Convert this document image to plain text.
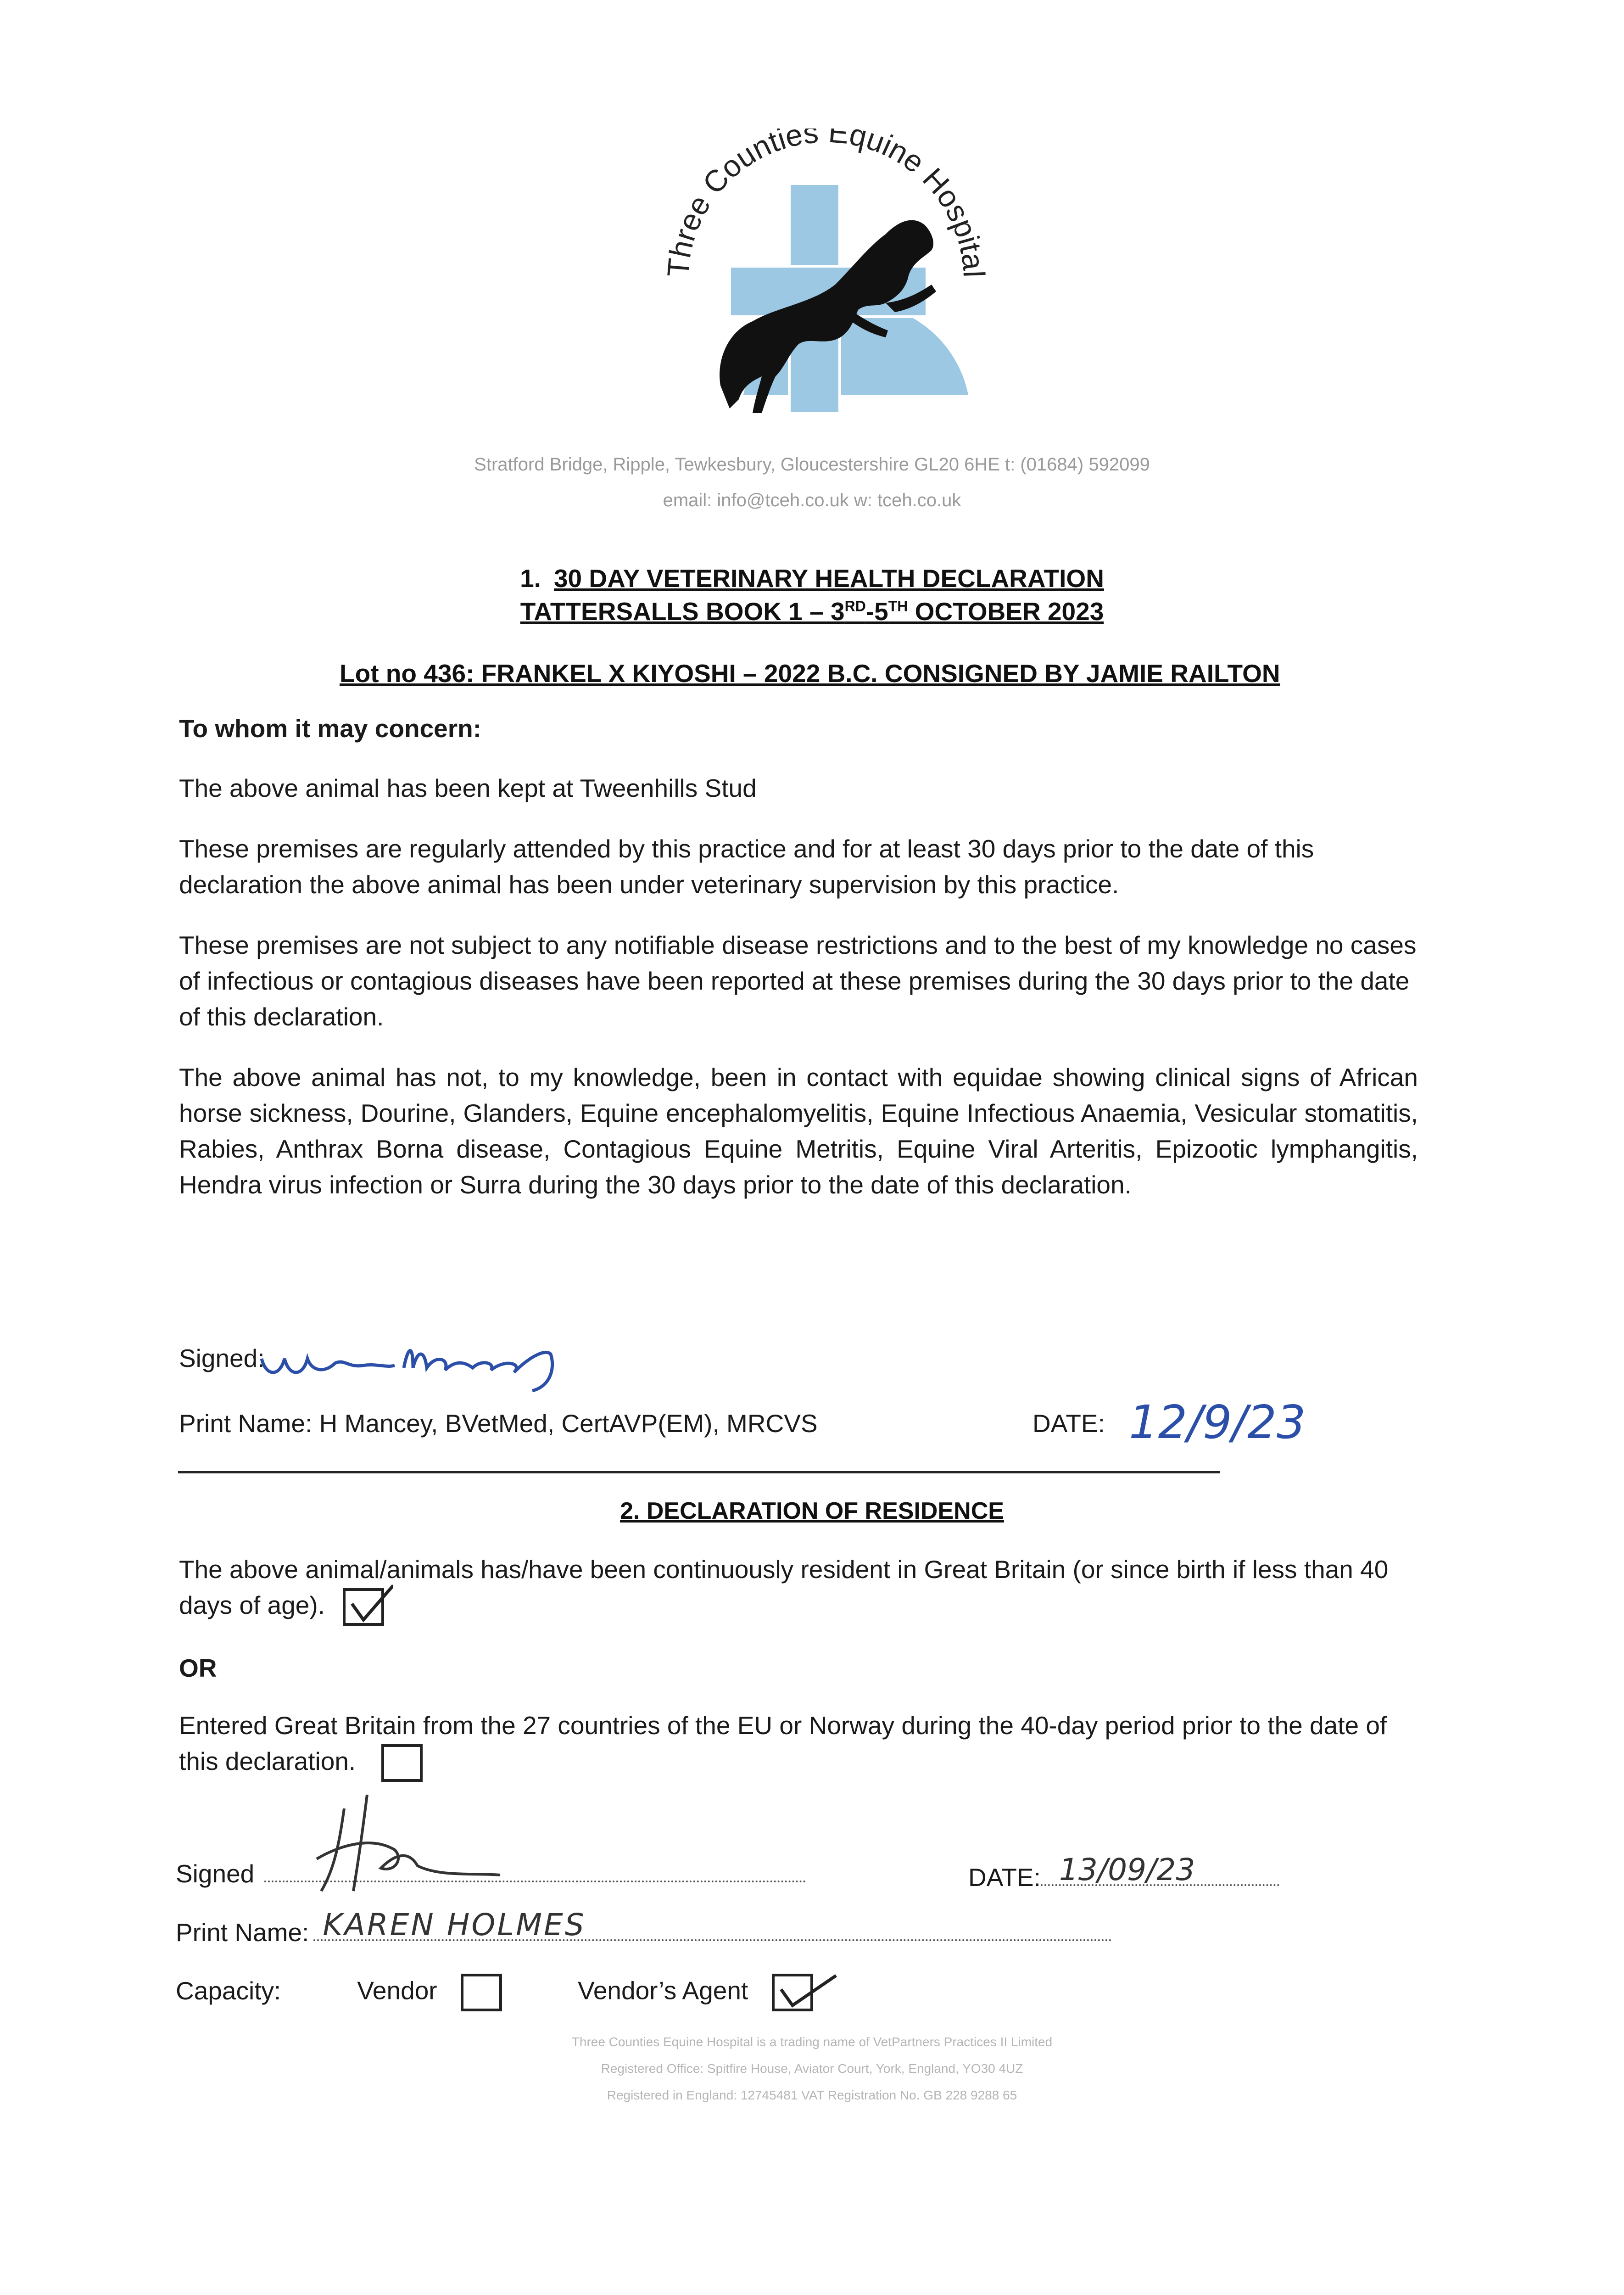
Three Counties Equine Hospital
Stratford Bridge, Ripple, Tewkesbury, Gloucestershire GL20 6HE t: (01684) 592099
email: info@tceh.co.uk w: tceh.co.uk
1. 30 DAY VETERINARY HEALTH DECLARATION
TATTERSALLS BOOK 1 – 3RD-5TH OCTOBER 2023
Lot no 436: FRANKEL X KIYOSHI – 2022 B.C. CONSIGNED BY JAMIE RAILTON
To whom it may concern:
The above animal has been kept at Tweenhills Stud
These premises are regularly attended by this practice and for at least 30 days prior to the date of this declaration the above animal has been under veterinary supervision by this practice.
These premises are not subject to any notifiable disease restrictions and to the best of my knowledge no cases of infectious or contagious diseases have been reported at these premises during the 30 days prior to the date of this declaration.
The above animal has not, to my knowledge, been in contact with equidae showing clinical signs of African horse sickness, Dourine, Glanders, Equine encephalomyelitis, Equine Infectious Anaemia, Vesicular stomatitis, Rabies, Anthrax Borna disease, Contagious Equine Metritis, Equine Viral Arteritis, Epizootic lymphangitis, Hendra virus infection or Surra during the 30 days prior to the date of this declaration.
Signed:
Print Name: H Mancey, BVetMed, CertAVP(EM), MRCVS	DATE: 12/9/23
2. DECLARATION OF RESIDENCE
The above animal/animals has/have been continuously resident in Great Britain (or since birth if less than 40 days of age).
OR
Entered Great Britain from the 27 countries of the EU or Norway during the 40-day period prior to the date of this declaration.
Signed	DATE: 13/09/23
Print Name: KAREN HOLMES
Capacity:	Vendor	Vendor’s Agent
Three Counties Equine Hospital is a trading name of VetPartners Practices II Limited
Registered Office: Spitfire House, Aviator Court, York, England, YO30 4UZ
Registered in England: 12745481 VAT Registration No. GB 228 9288 65
